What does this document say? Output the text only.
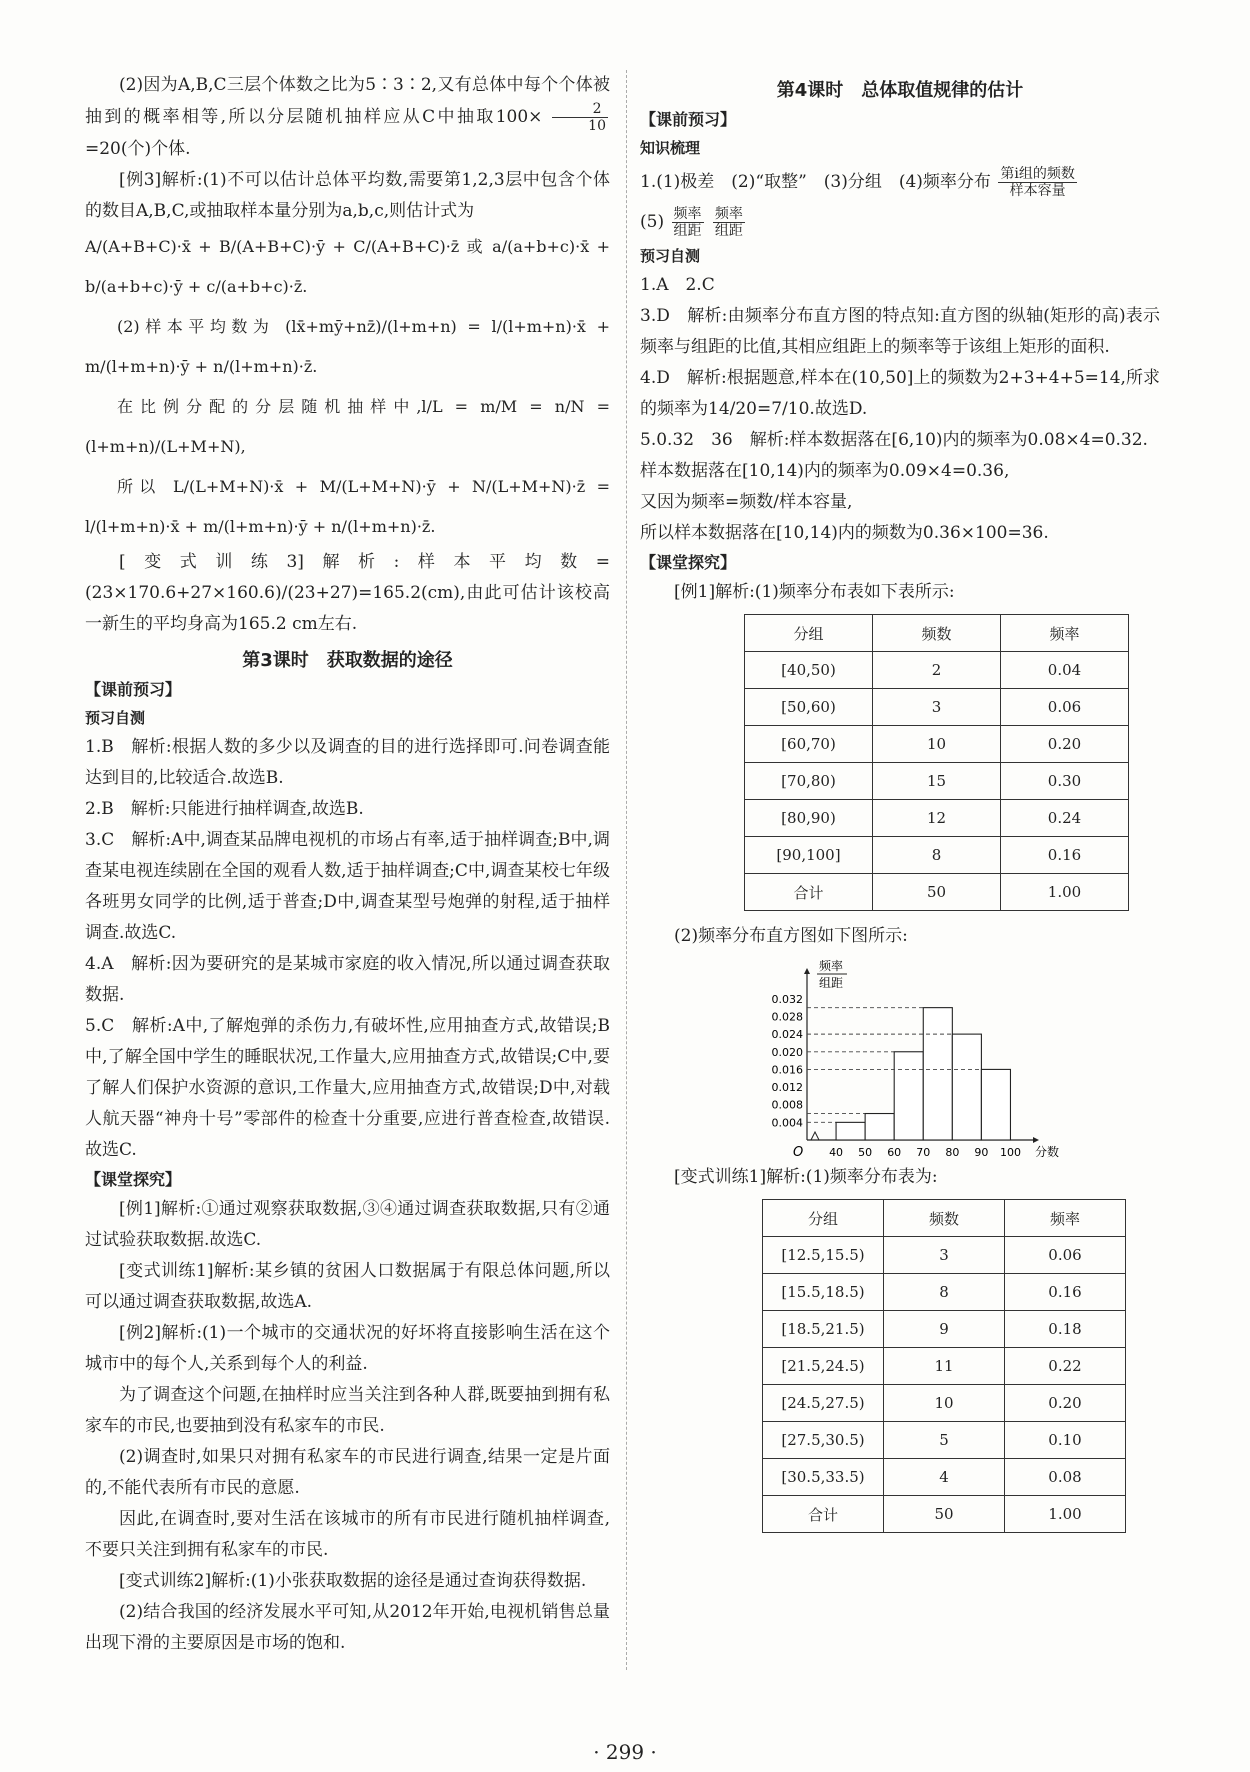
(2)因为A,B,C三层个体数之比为5∶3∶2,又有总体中每个个体被抽到的概率相等,所以分层随机抽样应从C中抽取$100\times \frac{2}{10}$
=20(个)个体.

[例3]解析:(1)不可以估计总体平均数,需要第1,2,3层中包含个体的数目A,B,C,或抽取样本量分别为a,b,c,则估计式为

A/(A+B+C)·x̄ + B/(A+B+C)·ȳ + C/(A+B+C)·z̄ 或 a/(a+b+c)·x̄ + b/(a+b+c)·ȳ + c/(a+b+c)·z̄.

(2)样本平均数为 (lx̄+mȳ+nz̄)/(l+m+n) = l/(l+m+n)·x̄ + m/(l+m+n)·ȳ + n/(l+m+n)·z̄.

在比例分配的分层随机抽样中,l/L = m/M = n/N = (l+m+n)/(L+M+N),

所以 L/(L+M+N)·x̄ + M/(L+M+N)·ȳ + N/(L+M+N)·z̄ = l/(l+m+n)·x̄ + m/(l+m+n)·ȳ + n/(l+m+n)·z̄.

[变式训练3]解析:样本平均数=(23×170.6+27×160.6)/(23+27)=165.2(cm),由此可估计该校高一新生的平均身高为165.2 cm左右.

第3课时　获取数据的途径
【课前预习】
预习自测

1.B　解析:根据人数的多少以及调查的目的进行选择即可.问卷调查能达到目的,比较适合.故选B.

2.B　解析:只能进行抽样调查,故选B.

3.C　解析:A中,调查某品牌电视机的市场占有率,适于抽样调查;B中,调查某电视连续剧在全国的观看人数,适于抽样调查;C中,调查某校七年级各班男女同学的比例,适于普查;D中,调查某型号炮弹的射程,适于抽样调查.故选C.

4.A　解析:因为要研究的是某城市家庭的收入情况,所以通过调查获取数据.

5.C　解析:A中,了解炮弹的杀伤力,有破坏性,应用抽查方式,故错误;B中,了解全国中学生的睡眠状况,工作量大,应用抽查方式,故错误;C中,要了解人们保护水资源的意识,工作量大,应用抽查方式,故错误;D中,对载人航天器“神舟十号”零部件的检查十分重要,应进行普查检查,故错误.故选C.

【课堂探究】

[例1]解析:①通过观察获取数据,③④通过调查获取数据,只有②通过试验获取数据.故选C.

[变式训练1]解析:某乡镇的贫困人口数据属于有限总体问题,所以可以通过调查获取数据,故选A.

[例2]解析:(1)一个城市的交通状况的好坏将直接影响生活在这个城市中的每个人,关系到每个人的利益.

为了调查这个问题,在抽样时应当关注到各种人群,既要抽到拥有私家车的市民,也要抽到没有私家车的市民.

(2)调查时,如果只对拥有私家车的市民进行调查,结果一定是片面的,不能代表所有市民的意愿.

因此,在调查时,要对生活在该城市的所有市民进行随机抽样调查,不要只关注到拥有私家车的市民.

[变式训练2]解析:(1)小张获取数据的途径是通过查询获得数据.

(2)结合我国的经济发展水平可知,从2012年开始,电视机销售总量出现下滑的主要原因是市场的饱和.

第4课时　总体取值规律的估计
【课前预习】
知识梳理

1.(1)极差　(2)“取整”　(3)分组　(4)频率分布 $\frac{\text{第i组的频数}}{\text{样本容量}}$

$(5) \frac{\text{频率}}{\text{组距}}$
$\frac{\text{频率}}{\text{组距}}$

预习自测

1.A　2.C

3.D　解析:由频率分布直方图的特点知:直方图的纵轴(矩形的高)表示频率与组距的比值,其相应组距上的频率等于该组上矩形的面积.

4.D　解析:根据题意,样本在(10,50]上的频数为2+3+4+5=14,所求的频率为14/20=7/10.故选D.

5.0.32　36　解析:样本数据落在[6,10)内的频率为0.08×4=0.32.

样本数据落在[10,14)内的频率为0.09×4=0.36,

又因为频率=频数/样本容量,

所以样本数据落在[10,14)内的频数为0.36×100=36.

【课堂探究】

[例1]解析:(1)频率分布表如下表所示:

分组	频数	频率
[40,50)	2	0.04
[50,60)	3	0.06
[60,70)	10	0.20
[70,80)	15	0.30
[80,90)	12	0.24
[90,100]	8	0.16
合计	50	1.00

(2)频率分布直方图如下图所示:

频率
组距
分数
O
0.004
0.008
0.012
0.016
0.020
0.024
0.028
0.032
40 50 60 70 80 90 100

[变式训练1]解析:(1)频率分布表为:

分组	频数	频率
[12.5,15.5)	3	0.06
[15.5,18.5)	8	0.16
[18.5,21.5)	9	0.18
[21.5,24.5)	11	0.22
[24.5,27.5)	10	0.20
[27.5,30.5)	5	0.10
[30.5,33.5)	4	0.08
合计	50	1.00
· 299 ·
